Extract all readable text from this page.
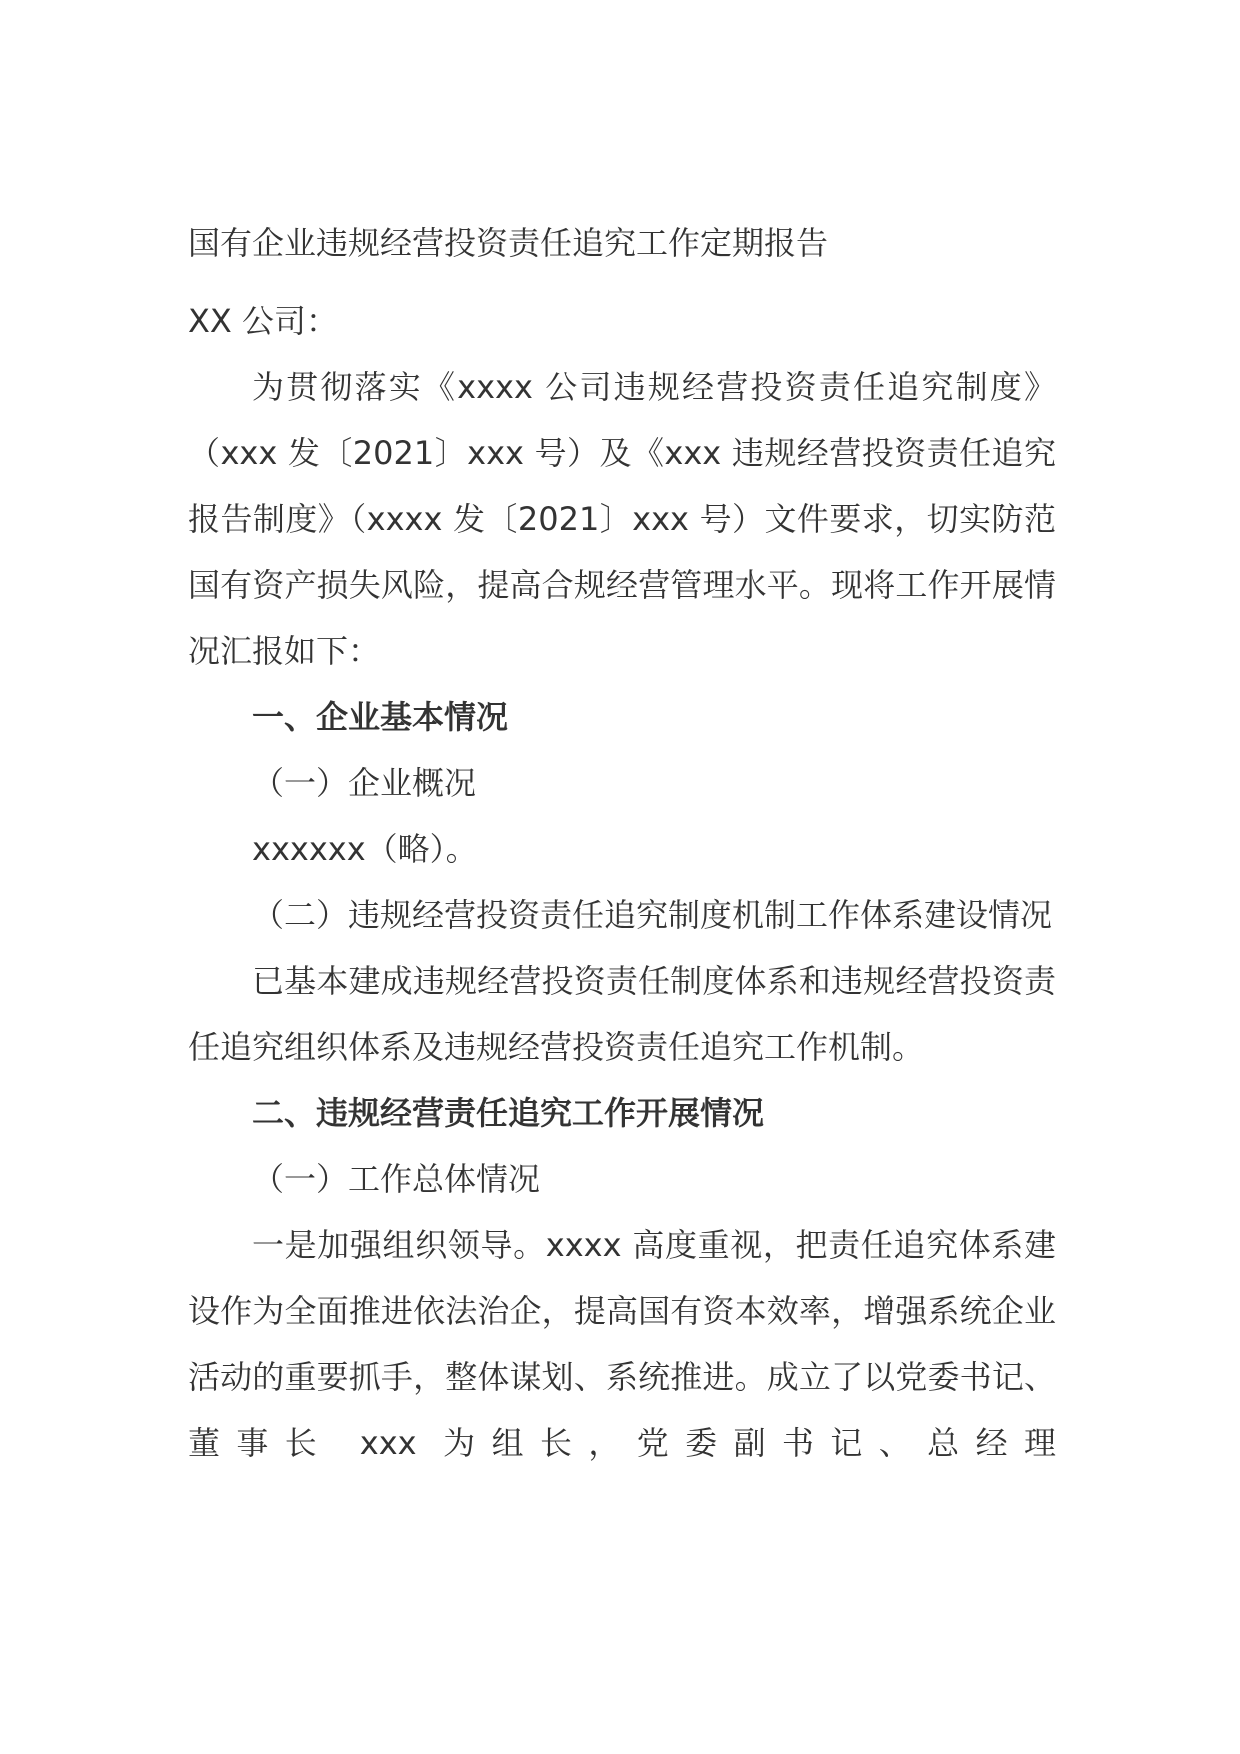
国有企业违规经营投资责任追究工作定期报告

XX 公司：

为贯彻落实《xxxx 公司违规经营投资责任追究制度》（xxx 发〔2021〕xxx 号）及《xxx 违规经营投资责任追究报告制度》（xxxx 发〔2021〕xxx 号）文件要求，切实防范国有资产损失风险，提高合规经营管理水平。现将工作开展情况汇报如下：

一、企业基本情况

（一）企业概况

xxxxxx（略）。

（二）违规经营投资责任追究制度机制工作体系建设情况

已基本建成违规经营投资责任制度体系和违规经营投资责任追究组织体系及违规经营投资责任追究工作机制。

二、违规经营责任追究工作开展情况

（一）工作总体情况

一是加强组织领导。xxxx 高度重视，把责任追究体系建设作为全面推进依法治企，提高国有资本效率，增强系统企业活动的重要抓手，整体谋划、系统推进。成立了以党委书记、董事长 xxx 为组长，党委副书记、总经理
